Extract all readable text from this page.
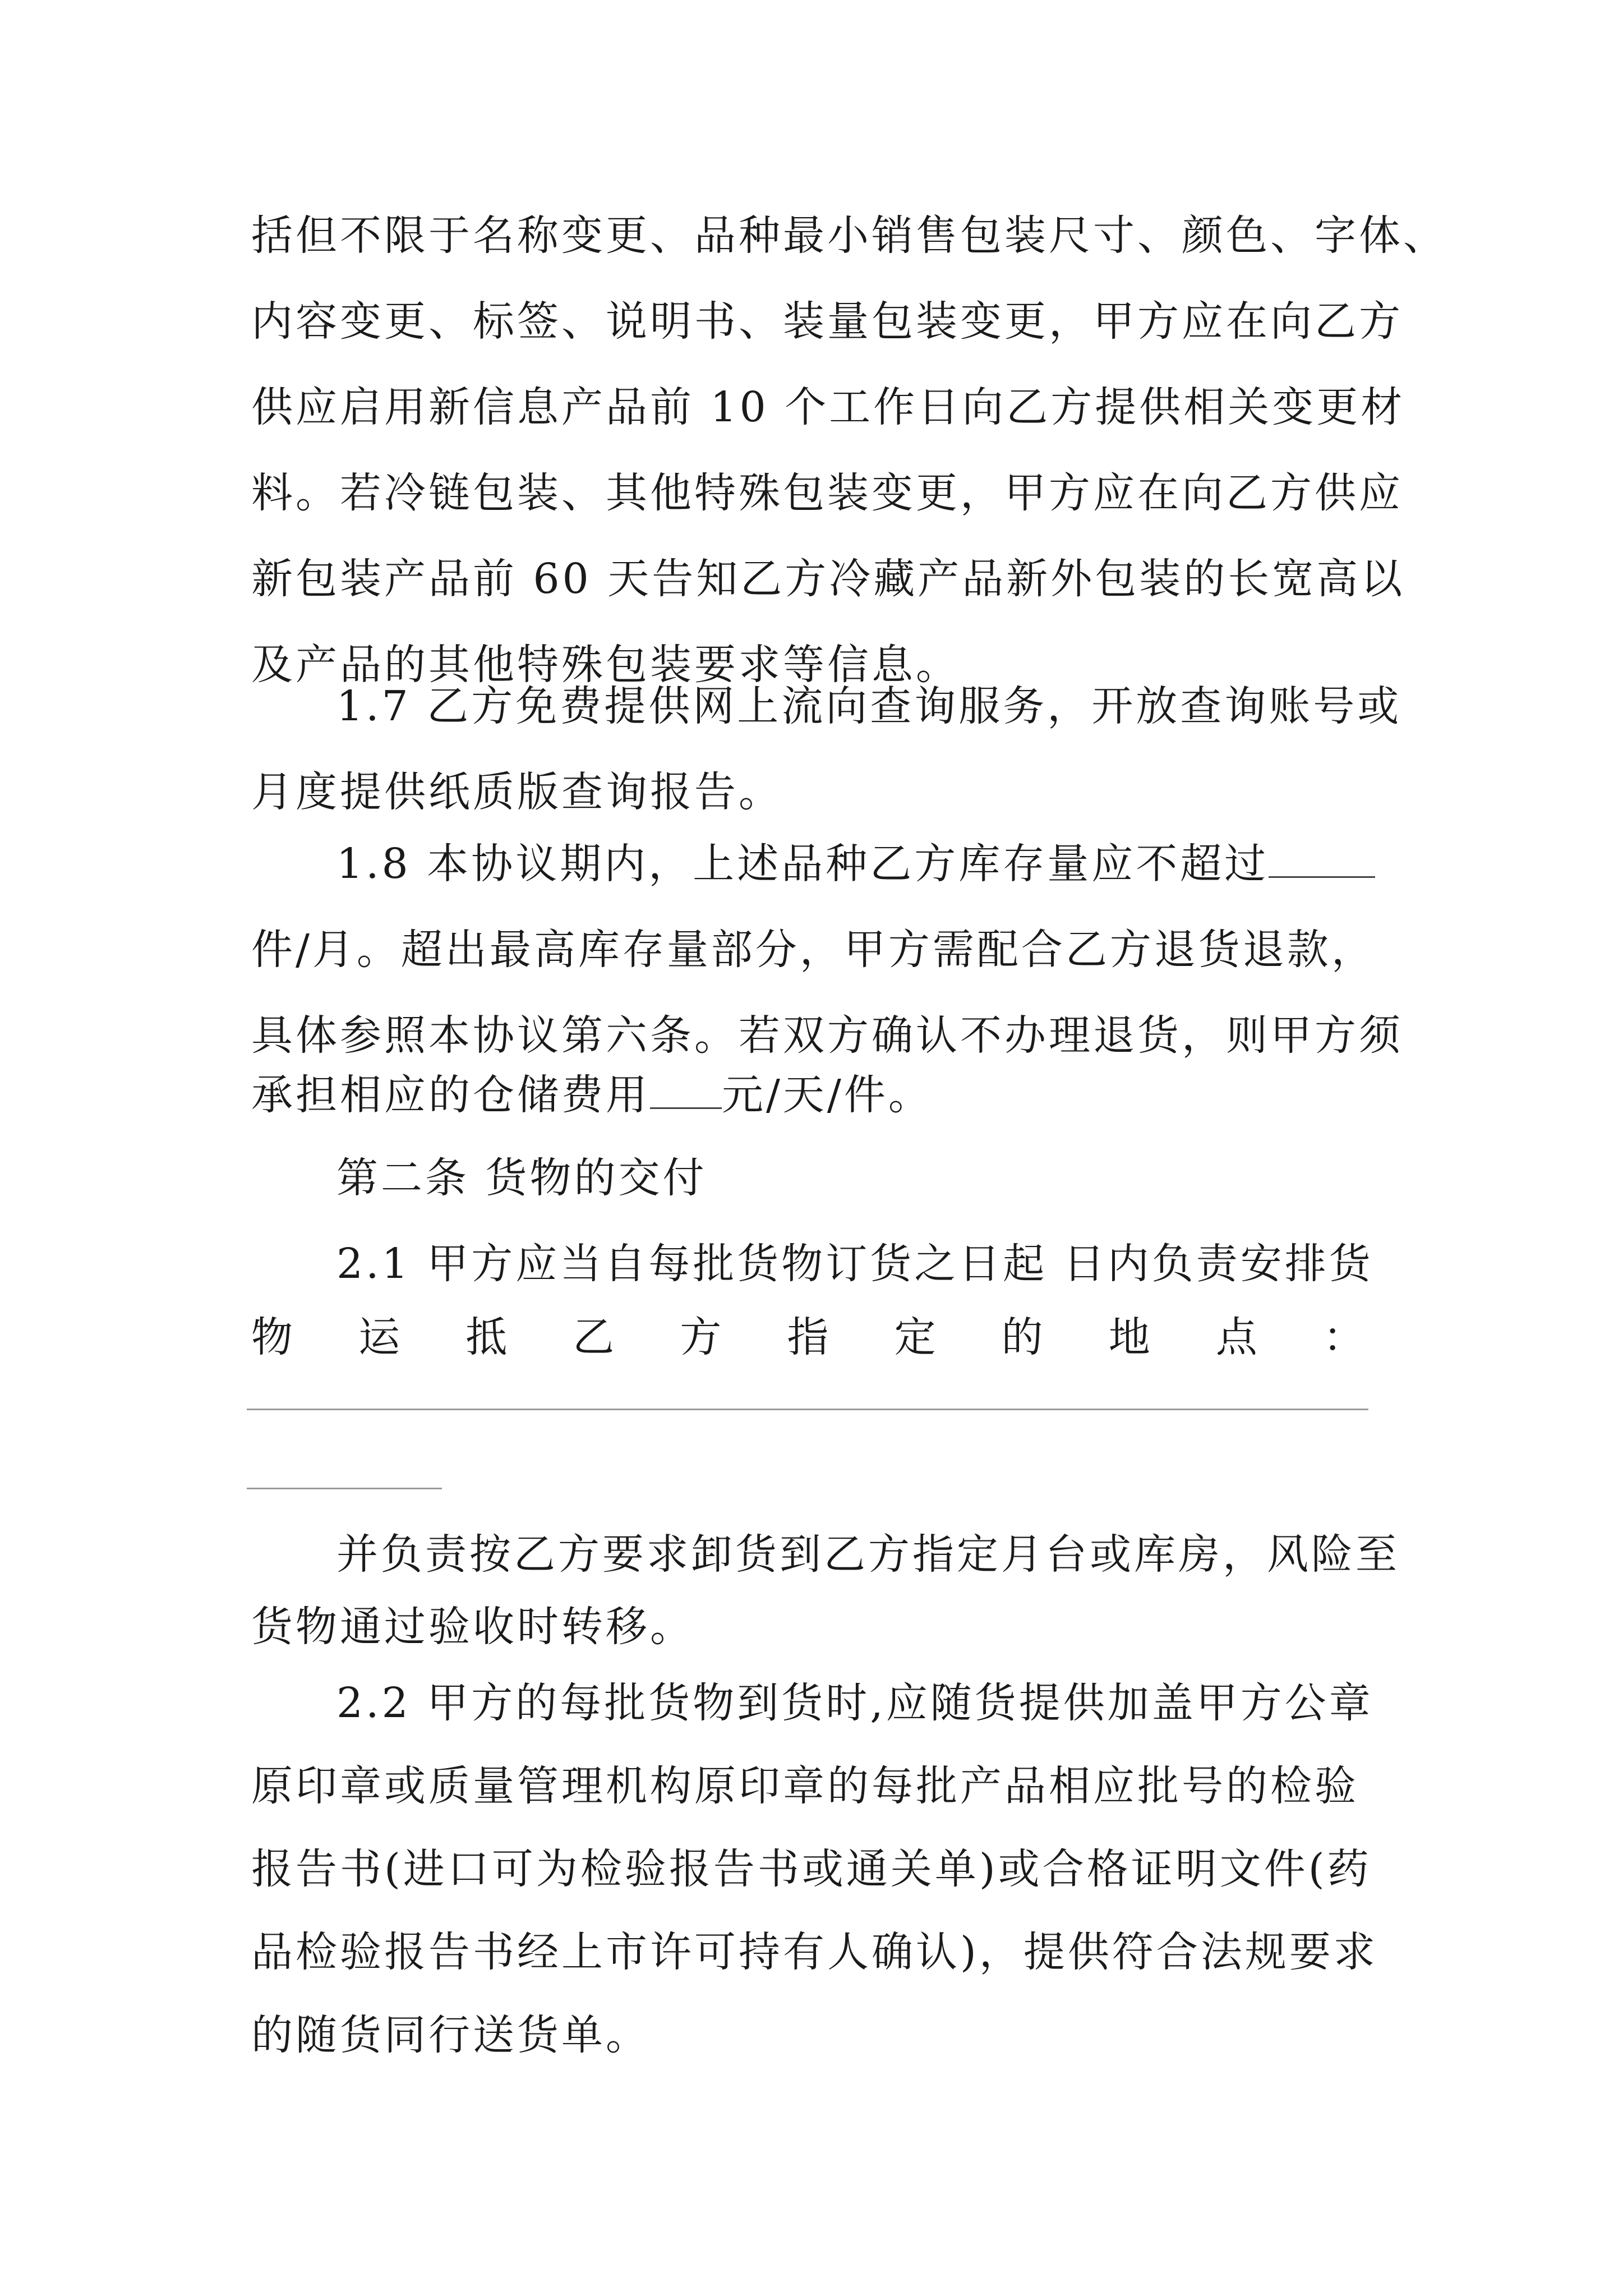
括但不限于名称变更、品种最小销售包装尺寸、颜色、字体、
内容变更、标签、说明书、装量包装变更，甲方应在向乙方
供应启用新信息产品前 10 个工作日向乙方提供相关变更材
料。若冷链包装、其他特殊包装变更，甲方应在向乙方供应
新包装产品前 60 天告知乙方冷藏产品新外包装的长宽高以
及产品的其他特殊包装要求等信息。
1.7 乙方免费提供网上流向查询服务，开放查询账号或
月度提供纸质版查询报告。
1.8 本协议期内，上述品种乙方库存量应不超过
件/月。超出最高库存量部分，甲方需配合乙方退货退款，
具体参照本协议第六条。若双方确认不办理退货，则甲方须
承担相应的仓储费用 元/天/件。
第二条 货物的交付
2.1 甲方应当自每批货物订货之日起 日内负责安排货
物 运 抵 乙 方 指 定 的 地 点 ：
并负责按乙方要求卸货到乙方指定月台或库房，风险至
货物通过验收时转移。
2.2 甲方的每批货物到货时,应随货提供加盖甲方公章
原印章或质量管理机构原印章的每批产品相应批号的检验
报告书(进口可为检验报告书或通关单)或合格证明文件(药
品检验报告书经上市许可持有人确认)，提供符合法规要求
的随货同行送货单。
